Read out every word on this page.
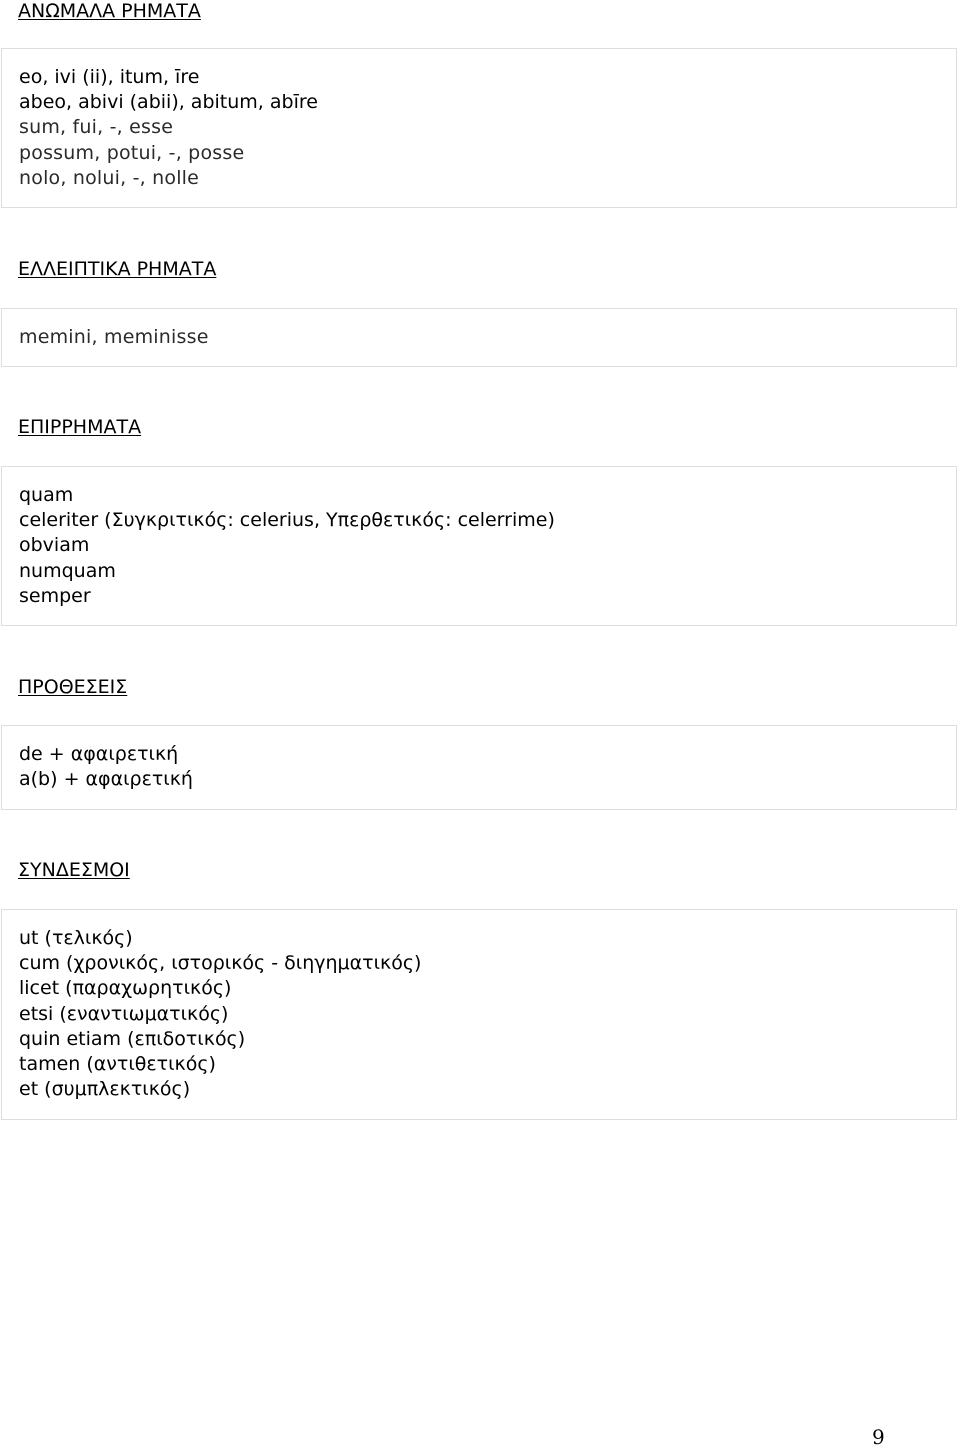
ΑΝΩΜΑΛΑ ΡΗΜΑΤΑ
eo, ivi (ii), itum, īre
abeo, abivi (abii), abitum, abīre
sum, fui, -, esse
possum, potui, -, posse
nolo, nolui, -, nolle
ΕΛΛΕΙΠΤΙΚΑ ΡΗΜΑΤΑ
memini, meminisse
ΕΠΙΡΡΗΜΑΤΑ
quam
celeriter (Συγκριτικός: celerius, Υπερθετικός: celerrime)
obviam
numquam
semper
ΠΡΟΘΕΣΕΙΣ
de + αφαιρετική
a(b) + αφαιρετική
ΣΥΝΔΕΣΜΟΙ
ut (τελικός)
cum (χρονικός, ιστορικός - διηγηματικός)
licet (παραχωρητικός)
etsi (εναντιωματικός)
quin etiam (επιδοτικός)
tamen (αντιθετικός)
et (συμπλεκτικός)
9
